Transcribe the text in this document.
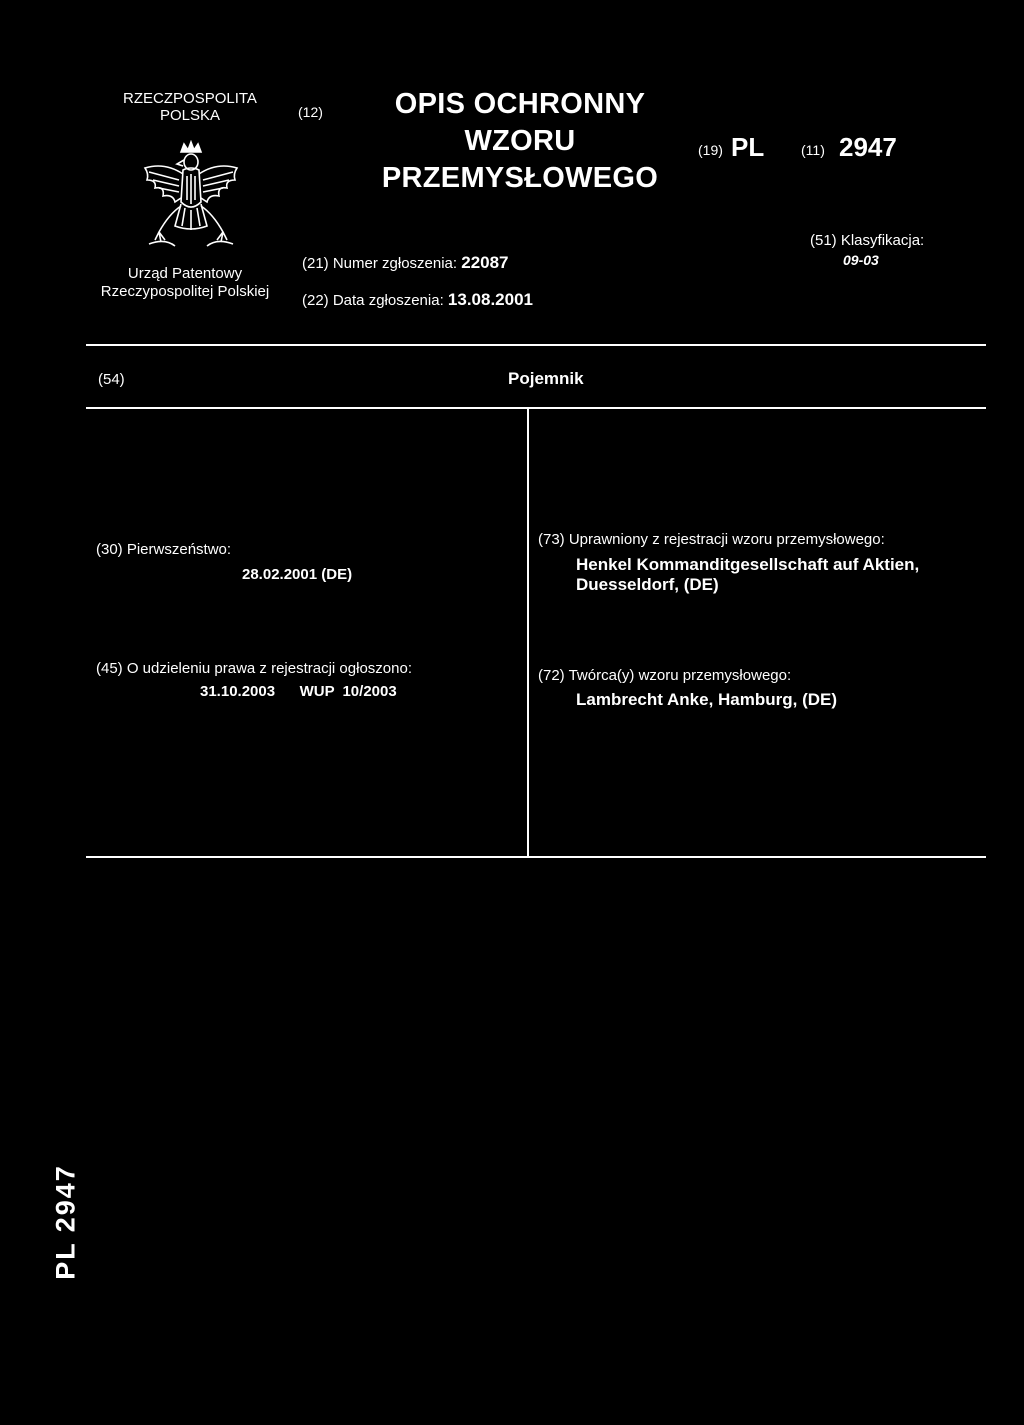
RZECZPOSPOLITA
POLSKA
Urząd Patentowy
Rzeczypospolitej Polskiej
(12)	OPIS OCHRONNY
WZORU
PRZEMYSŁOWEGO
(19) PL	(11) 2947
(51) Klasyfikacja:
09-03
(21) Numer zgłoszenia: 22087
(22) Data zgłoszenia: 13.08.2001
(54)	Pojemnik
(30) Pierwszeństwo:
28.02.2001 (DE)
(73) Uprawniony z rejestracji wzoru przemysłowego:
Henkel Kommanditgesellschaft auf Aktien,
Duesseldorf, (DE)
(45) O udzieleniu prawa z rejestracji ogłoszono:
31.10.2003   WUP 10/2003
(72) Twórca(y) wzoru przemysłowego:
Lambrecht Anke, Hamburg, (DE)
PL 2947
